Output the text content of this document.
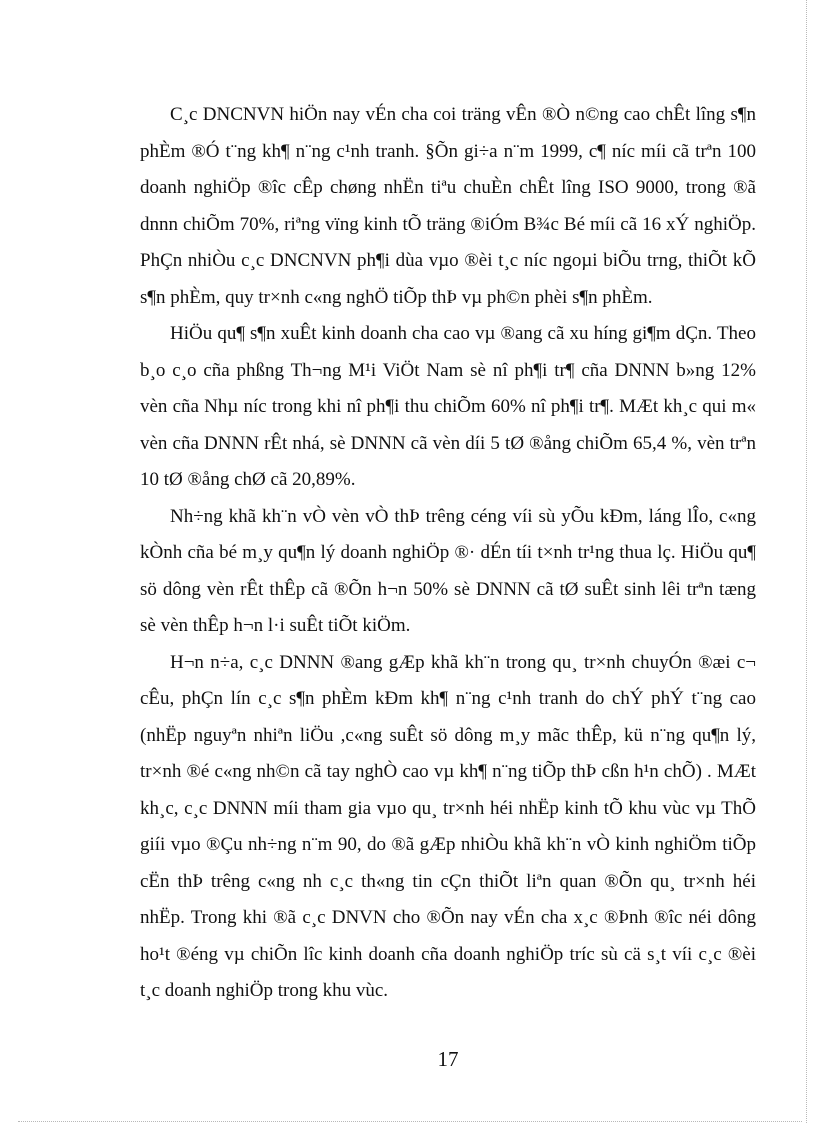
C¸c DNCNVN hiÖn nay vÉn cha coi träng vÊn ®Ò n©ng cao chÊt lîng s¶n phÈm ®Ó t¨ng kh¶ n¨ng c¹nh tranh. §Õn gi÷a n¨m 1999, c¶ níc míi cã trªn 100 doanh nghiÖp ®îc cÊp chøng nhËn tiªu chuÈn chÊt lîng ISO 9000, trong ®ã dnnn chiÕm 70%, riªng vïng kinh tÕ träng ®iÓm B¾c Bé míi cã 16 xÝ nghiÖp. PhÇn nhiÒu c¸c DNCNVN ph¶i dùa vµo ®èi t¸c níc ngoµi biÕu trng, thiÕt kÕ s¶n phÈm, quy tr×nh c«ng nghÖ tiÕp thÞ vµ ph©n phèi s¶n phÈm.

HiÖu qu¶ s¶n xuÊt kinh doanh cha cao vµ ®ang cã xu híng gi¶m dÇn. Theo b¸o c¸o cña phßng Th¬ng M¹i ViÖt Nam sè nî ph¶i tr¶ cña DNNN b»ng 12% vèn cña Nhµ níc trong khi nî ph¶i thu chiÕm 60% nî ph¶i tr¶. MÆt kh¸c qui m« vèn cña DNNN rÊt nhá, sè DNNN cã vèn díi 5 tØ ®ång chiÕm 65,4 %, vèn trªn 10 tØ ®ång chØ cã 20,89%.

Nh÷ng khã kh¨n vÒ vèn vÒ thÞ trêng céng víi sù yÕu kÐm, láng lÎo, c«ng kÒnh cña bé m¸y qu¶n lý doanh nghiÖp ®· dÉn tíi t×nh tr¹ng thua lç. HiÖu qu¶ sö dông vèn rÊt thÊp cã ®Õn h¬n 50% sè DNNN cã tØ suÊt sinh lêi trªn tæng sè vèn thÊp h¬n l·i suÊt tiÕt kiÖm.

H¬n n÷a, c¸c DNNN ®ang gÆp khã kh¨n trong qu¸ tr×nh chuyÓn ®æi c¬ cÊu, phÇn lín c¸c s¶n phÈm kÐm kh¶ n¨ng c¹nh tranh do chÝ phÝ t¨ng cao (nhËp nguyªn nhiªn liÖu ,c«ng suÊt sö dông m¸y mãc thÊp, kü n¨ng qu¶n lý, tr×nh ®é c«ng nh©n cã tay nghÒ cao vµ kh¶ n¨ng tiÕp thÞ cßn h¹n chÕ) . MÆt kh¸c, c¸c DNNN míi tham gia vµo qu¸ tr×nh héi nhËp kinh tÕ khu vùc vµ ThÕ giíi vµo ®Çu nh÷ng n¨m 90, do ®ã gÆp nhiÒu khã kh¨n vÒ kinh nghiÖm tiÕp cËn thÞ trêng c«ng nh c¸c th«ng tin cÇn thiÕt liªn quan ®Õn qu¸ tr×nh héi nhËp. Trong khi ®ã c¸c DNVN cho ®Õn nay vÉn cha x¸c ®Þnh ®îc néi dông ho¹t ®éng vµ chiÕn lîc kinh doanh cña doanh nghiÖp tríc sù cä s¸t víi c¸c ®èi t¸c doanh nghiÖp trong khu vùc.

17
